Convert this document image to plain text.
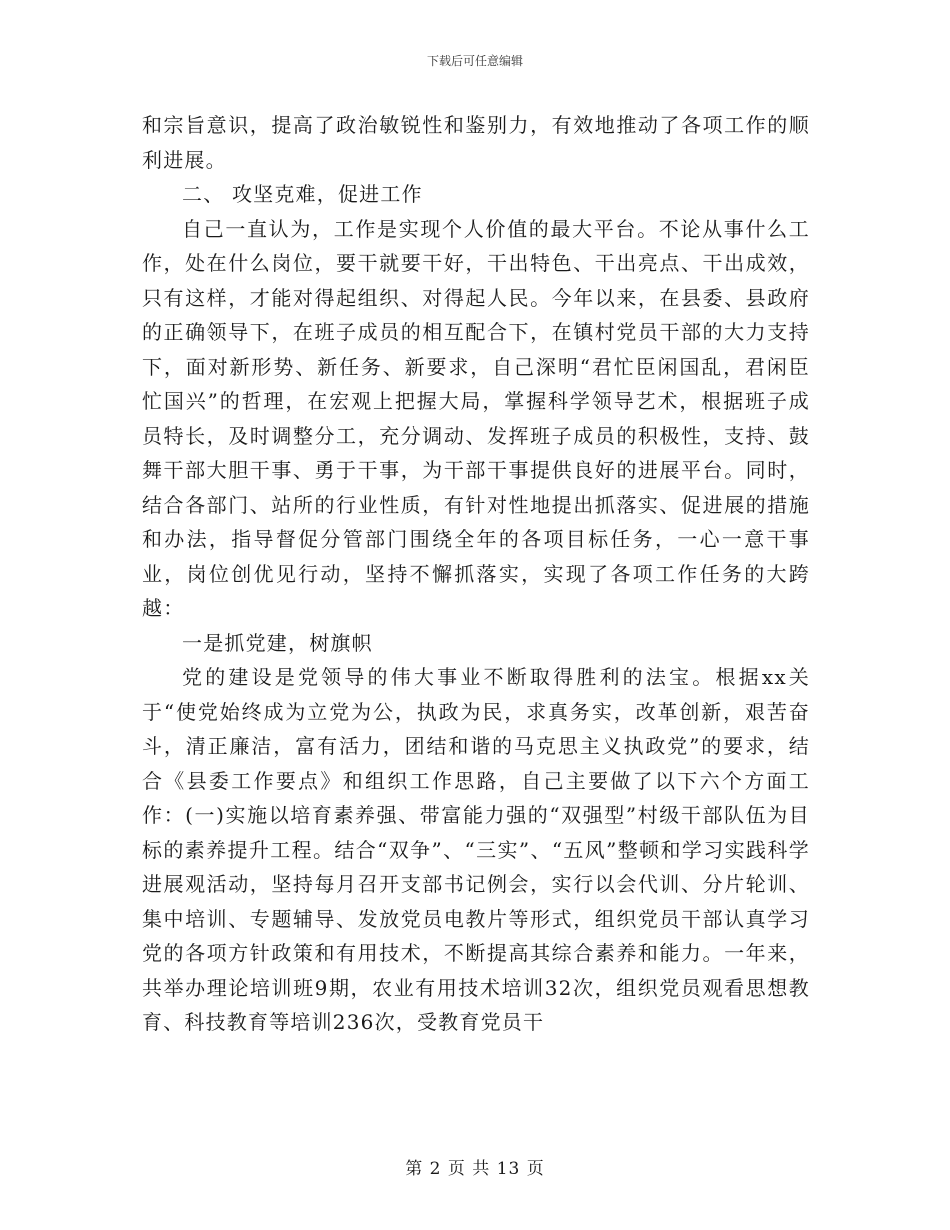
下载后可任意编辑

和宗旨意识，提高了政治敏锐性和鉴别力，有效地推动了各项工作的顺利进展。

二、 攻坚克难，促进工作

自己一直认为，工作是实现个人价值的最大平台。不论从事什么工作，处在什么岗位，要干就要干好，干出特色、干出亮点、干出成效，只有这样，才能对得起组织、对得起人民。今年以来，在县委、县政府的正确领导下，在班子成员的相互配合下，在镇村党员干部的大力支持下，面对新形势、新任务、新要求，自己深明“君忙臣闲国乱，君闲臣忙国兴”的哲理，在宏观上把握大局，掌握科学领导艺术，根据班子成员特长，及时调整分工，充分调动、发挥班子成员的积极性，支持、鼓舞干部大胆干事、勇于干事，为干部干事提供良好的进展平台。同时，结合各部门、站所的行业性质，有针对性地提出抓落实、促进展的措施和办法，指导督促分管部门围绕全年的各项目标任务，一心一意干事业，岗位创优见行动，坚持不懈抓落实，实现了各项工作任务的大跨越：

一是抓党建，树旗帜

党的建设是党领导的伟大事业不断取得胜利的法宝。根据xx关于“使党始终成为立党为公，执政为民，求真务实，改革创新，艰苦奋斗，清正廉洁，富有活力，团结和谐的马克思主义执政党”的要求，结合《县委工作要点》和组织工作思路，自己主要做了以下六个方面工作：(一)实施以培育素养强、带富能力强的“双强型”村级干部队伍为目标的素养提升工程。结合“双争”、“三实”、“五风”整顿和学习实践科学进展观活动，坚持每月召开支部书记例会，实行以会代训、分片轮训、集中培训、专题辅导、发放党员电教片等形式，组织党员干部认真学习党的各项方针政策和有用技术，不断提高其综合素养和能力。一年来，共举办理论培训班9期，农业有用技术培训32次，组织党员观看思想教育、科技教育等培训236次，受教育党员干

第 2 页 共 13 页
